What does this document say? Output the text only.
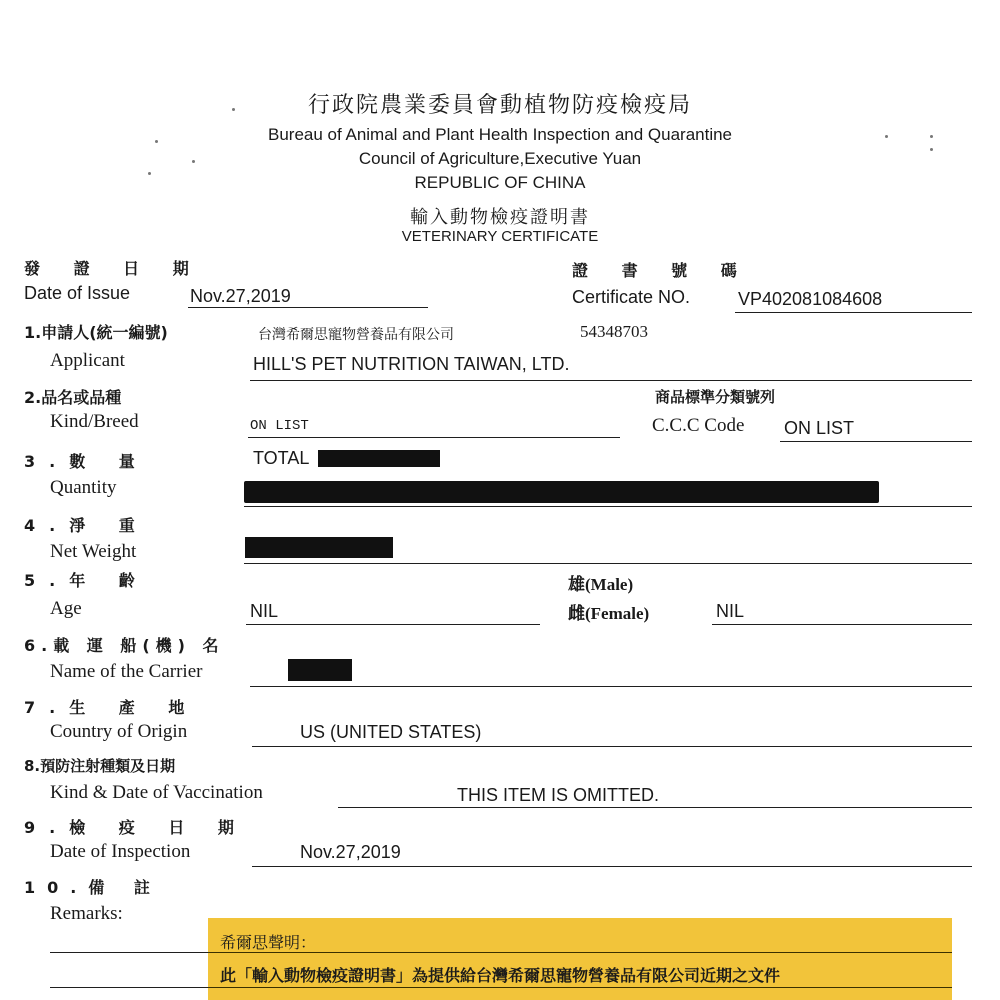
行政院農業委員會動植物防疫檢疫局
Bureau of Animal and Plant Health Inspection and Quarantine
Council of Agriculture,Executive Yuan
REPUBLIC OF CHINA
輸入動物檢疫證明書
VETERINARY CERTIFICATE
發 證 日 期
Date of Issue	Nov.27,2019
證 書 號 碼
Certificate NO.	VP402081084608
1.申請人(統一編號)
Applicant
台灣希爾思寵物營養品有限公司	54348703
HILL'S PET NUTRITION TAIWAN, LTD.
2.品名或品種
Kind/Breed	ON LIST
商品標準分類號列
C.C.C Code ON LIST
3.數 量
Quantity
TOTAL
4.淨 重
Net Weight
5.年 齡
Age	NIL
雄(Male)
雌(Female)	NIL
6.載 運 船(機) 名
Name of the Carrier
7.生 產 地
Country of Origin	US (UNITED STATES)
8.預防注射種類及日期
Kind & Date of Vaccination	THIS ITEM IS OMITTED.
9.檢 疫 日 期
Date of Inspection	Nov.27,2019
10.備 註
Remarks:
希爾思聲明：
此「輸入動物檢疫證明書」為提供給台灣希爾思寵物營養品有限公司近期之文件
